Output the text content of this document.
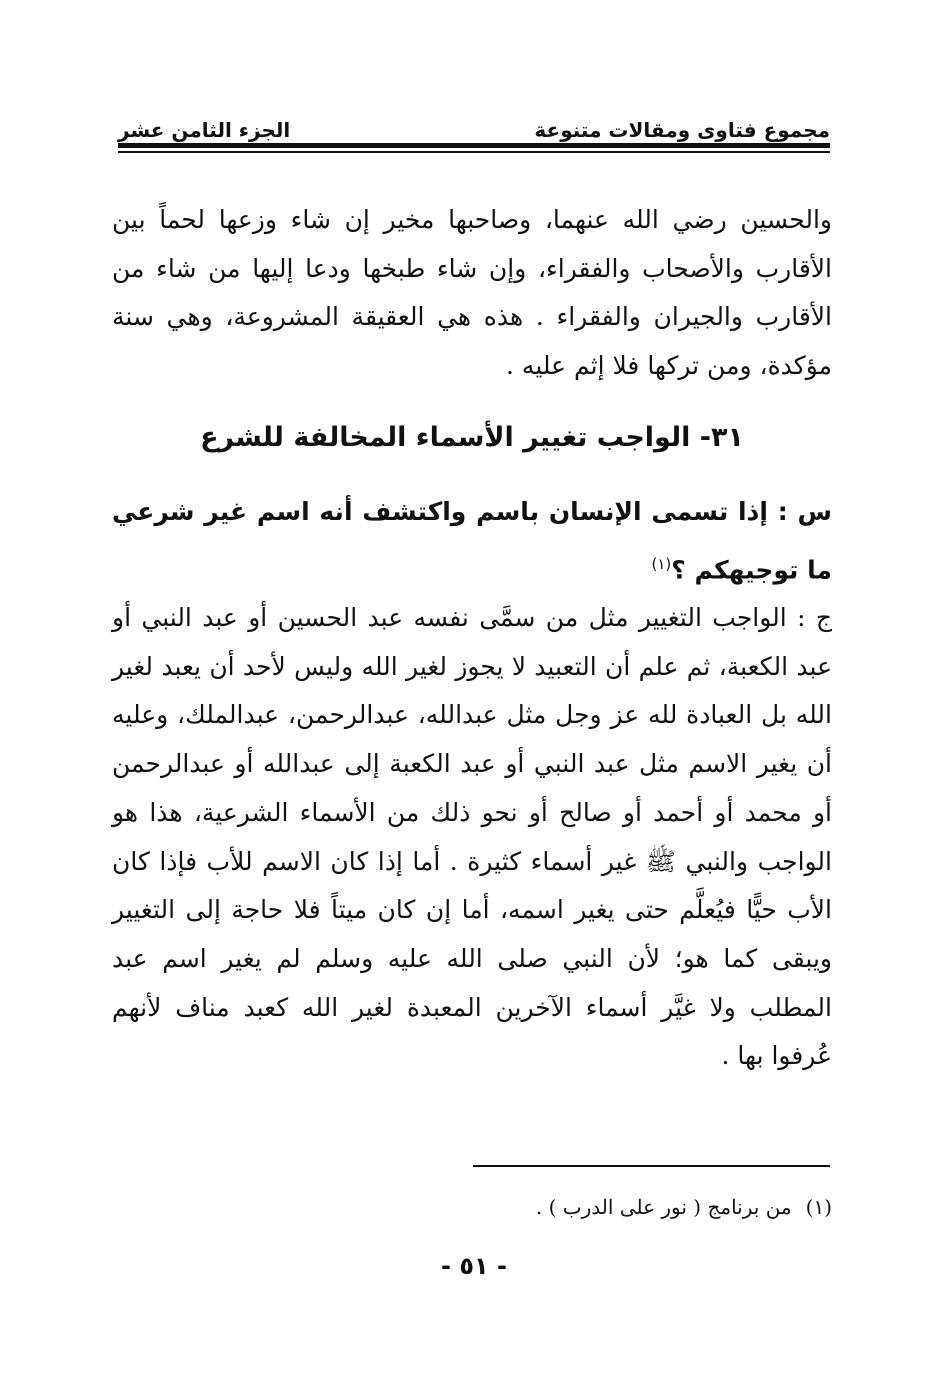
مجموع فتاوى ومقالات متنوعة
الجزء الثامن عشر

والحسين رضي الله عنهما، وصاحبها مخير إن شاء وزعها لحماً بين الأقارب والأصحاب والفقراء، وإن شاء طبخها ودعا إليها من شاء من الأقارب والجيران والفقراء . هذه هي العقيقة المشروعة، وهي سنة مؤكدة، ومن تركها فلا إثم عليه .

٣١- الواجب تغيير الأسماء المخالفة للشرع

س : إذا تسمى الإنسان باسم واكتشف أنه اسم غير شرعي ما توجيهكم ؟$^{(١)}$

ج : الواجب التغيير مثل من سمَّى نفسه عبد الحسين أو عبد النبي أو عبد الكعبة، ثم علم أن التعبيد لا يجوز لغير الله وليس لأحد أن يعبد لغير الله بل العبادة لله عز وجل مثل عبدالله، عبدالرحمن، عبدالملك، وعليه أن يغير الاسم مثل عبد النبي أو عبد الكعبة إلى عبدالله أو عبدالرحمن أو محمد أو أحمد أو صالح أو نحو ذلك من الأسماء الشرعية، هذا هو الواجب والنبي ﷺ غير أسماء كثيرة . أما إذا كان الاسم للأب فإذا كان الأب حيًّا فيُعلَّم حتى يغير اسمه، أما إن كان ميتاً فلا حاجة إلى التغيير ويبقى كما هو؛ لأن النبي صلى الله عليه وسلم لم يغير اسم عبد المطلب ولا غيَّر أسماء الآخرين المعبدة لغير الله كعبد مناف لأنهم عُرفوا بها .

(١)من برنامج ( نور على الدرب ) .

- ٥١ -
